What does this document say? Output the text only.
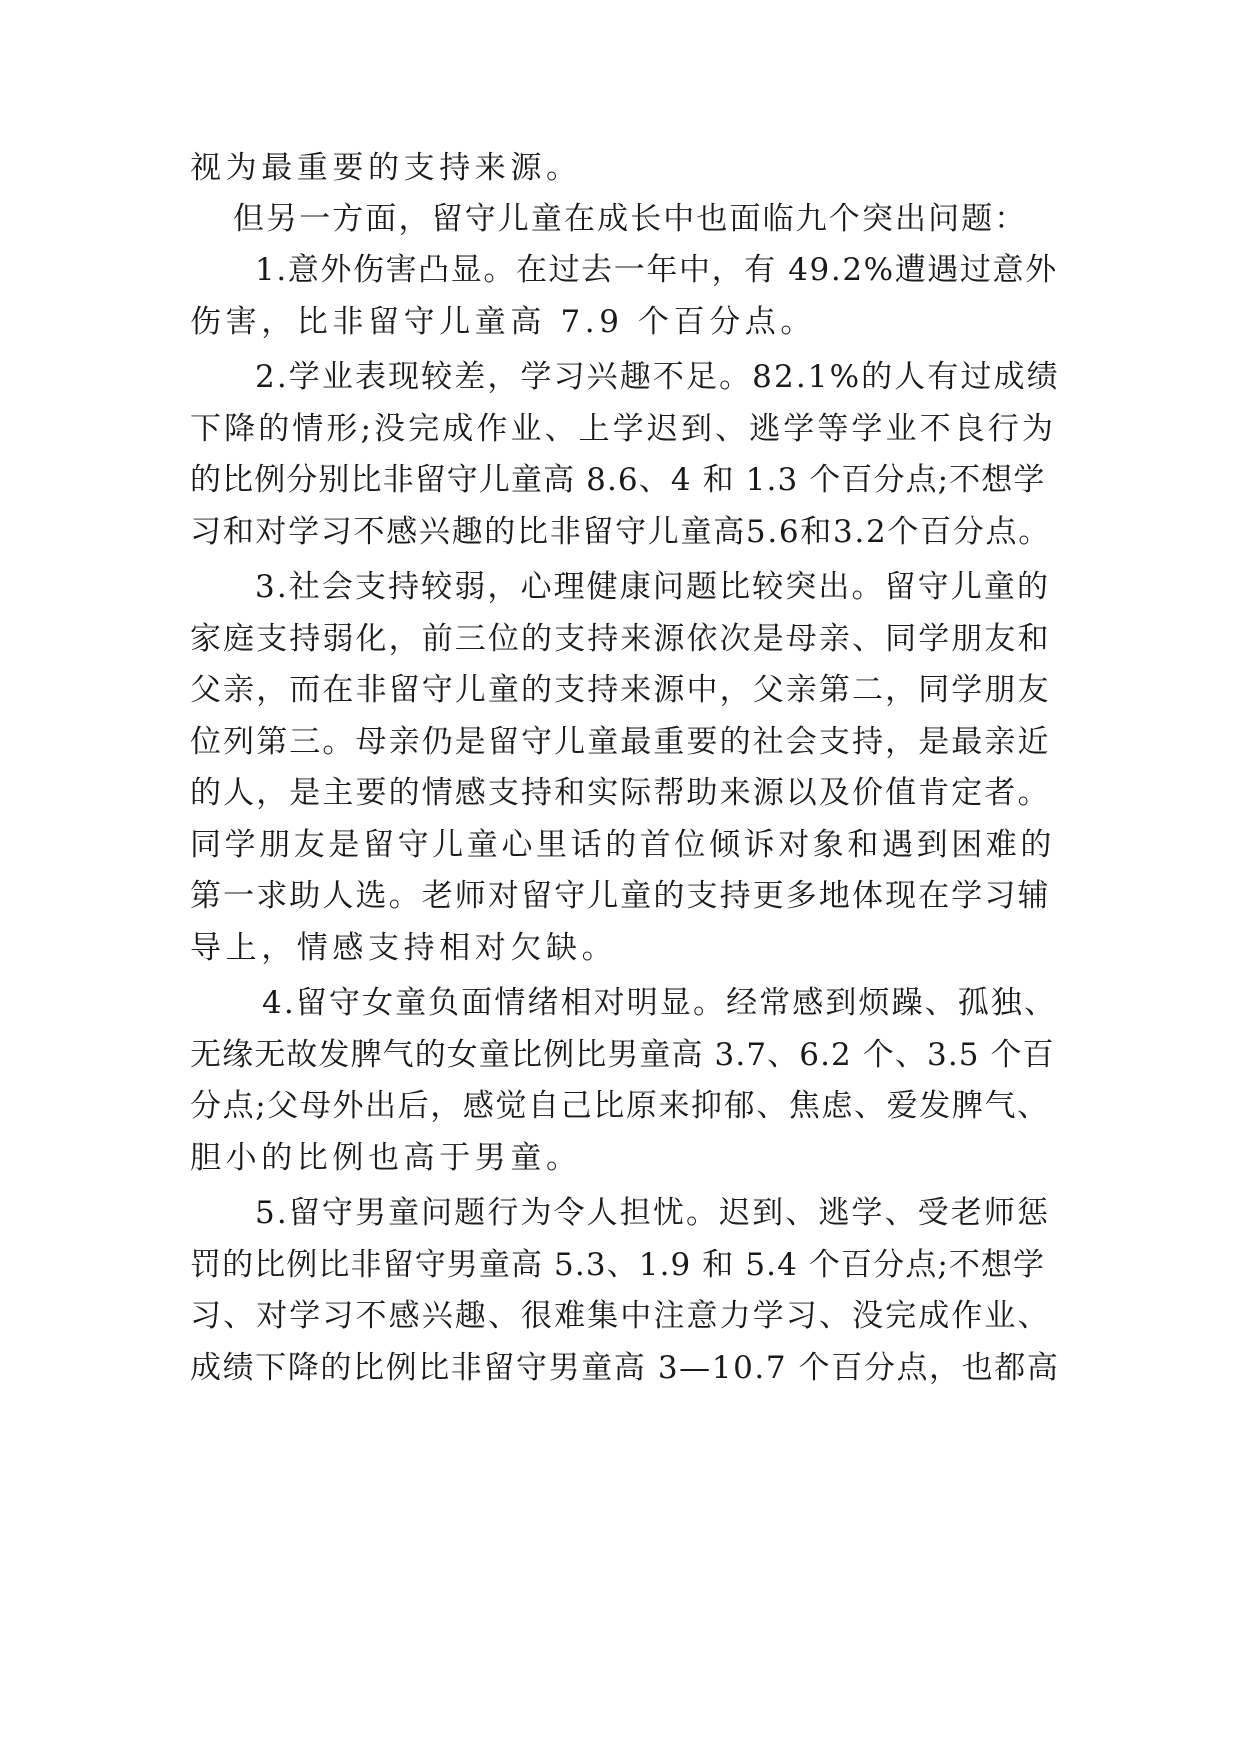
视为最重要的支持来源。
但另一方面，留守儿童在成长中也面临九个突出问题：
1.意外伤害凸显。在过去一年中，有 49.2%遭遇过意外
伤害，比非留守儿童高 7.9 个百分点。
2.学业表现较差，学习兴趣不足。82.1%的人有过成绩
下降的情形;没完成作业、上学迟到、逃学等学业不良行为
的比例分别比非留守儿童高 8.6、4 和 1.3 个百分点;不想学
习和对学习不感兴趣的比非留守儿童高5.6和3.2个百分点。
3.社会支持较弱，心理健康问题比较突出。留守儿童的
家庭支持弱化，前三位的支持来源依次是母亲、同学朋友和
父亲，而在非留守儿童的支持来源中，父亲第二，同学朋友
位列第三。母亲仍是留守儿童最重要的社会支持，是最亲近
的人，是主要的情感支持和实际帮助来源以及价值肯定者。
同学朋友是留守儿童心里话的首位倾诉对象和遇到困难的
第一求助人选。老师对留守儿童的支持更多地体现在学习辅
导上，情感支持相对欠缺。
4.留守女童负面情绪相对明显。经常感到烦躁、孤独、
无缘无故发脾气的女童比例比男童高 3.7、6.2 个、3.5 个百
分点;父母外出后，感觉自己比原来抑郁、焦虑、爱发脾气、
胆小的比例也高于男童。
5.留守男童问题行为令人担忧。迟到、逃学、受老师惩
罚的比例比非留守男童高 5.3、1.9 和 5.4 个百分点;不想学
习、对学习不感兴趣、很难集中注意力学习、没完成作业、
成绩下降的比例比非留守男童高 3—10.7 个百分点，也都高
